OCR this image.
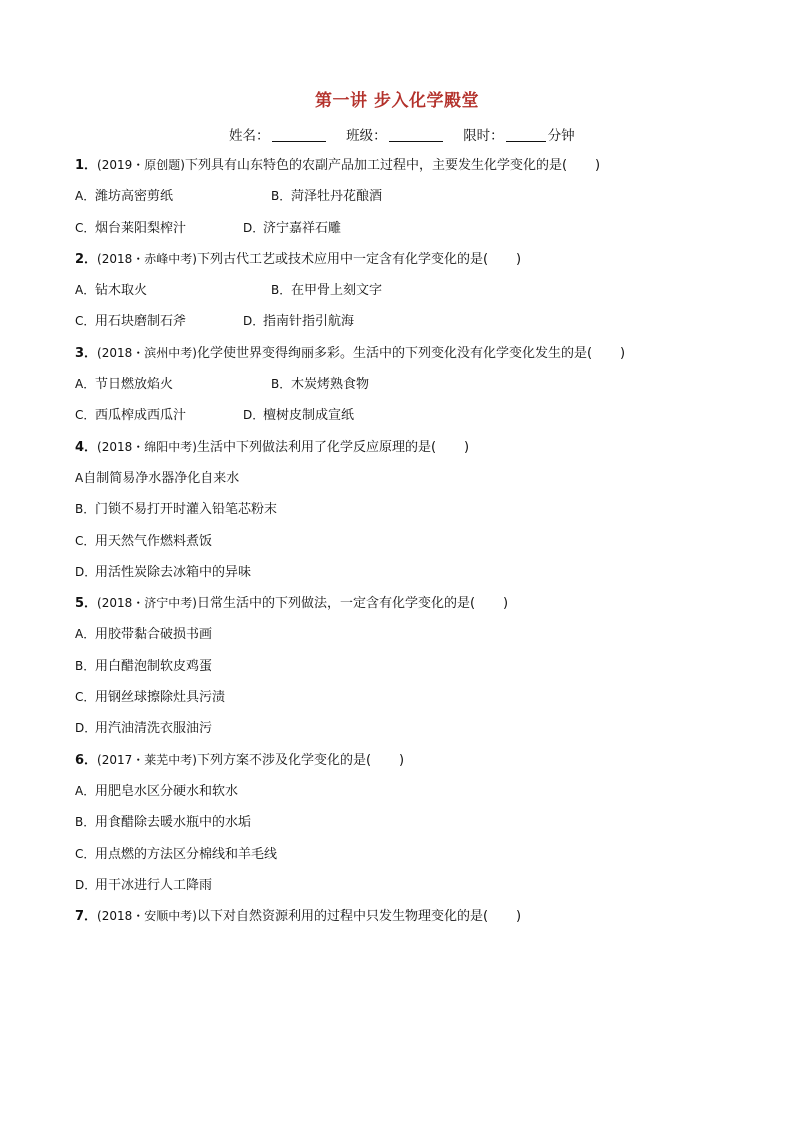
第一讲 步入化学殿堂
姓名：	班级：	限时：	分钟
1．(2019・原创题)下列具有山东特色的农副产品加工过程中，主要发生化学变化的是( )
A．潍坊高密剪纸	B．菏泽牡丹花酿酒
C．烟台莱阳梨榨汁	D．济宁嘉祥石雕
2．(2018・赤峰中考)下列古代工艺或技术应用中一定含有化学变化的是( )
A．钻木取火	B．在甲骨上刻文字
C．用石块磨制石斧	D．指南针指引航海
3．(2018・滨州中考)化学使世界变得绚丽多彩。生活中的下列变化没有化学变化发生的是( )
A．节日燃放焰火	B．木炭烤熟食物
C．西瓜榨成西瓜汁	D．檀树皮制成宣纸
4．(2018・绵阳中考)生活中下列做法利用了化学反应原理的是( )
A自制简易净水器净化自来水
B．门锁不易打开时灌入铅笔芯粉末
C．用天然气作燃料煮饭
D．用活性炭除去冰箱中的异味
5．(2018・济宁中考)日常生活中的下列做法，一定含有化学变化的是( )
A．用胶带黏合破损书画
B．用白醋泡制软皮鸡蛋
C．用钢丝球擦除灶具污渍
D．用汽油清洗衣服油污
6．(2017・莱芜中考)下列方案不涉及化学变化的是( )
A．用肥皂水区分硬水和软水
B．用食醋除去暖水瓶中的水垢
C．用点燃的方法区分棉线和羊毛线
D．用干冰进行人工降雨
7．(2018・安顺中考)以下对自然资源利用的过程中只发生物理变化的是( )
